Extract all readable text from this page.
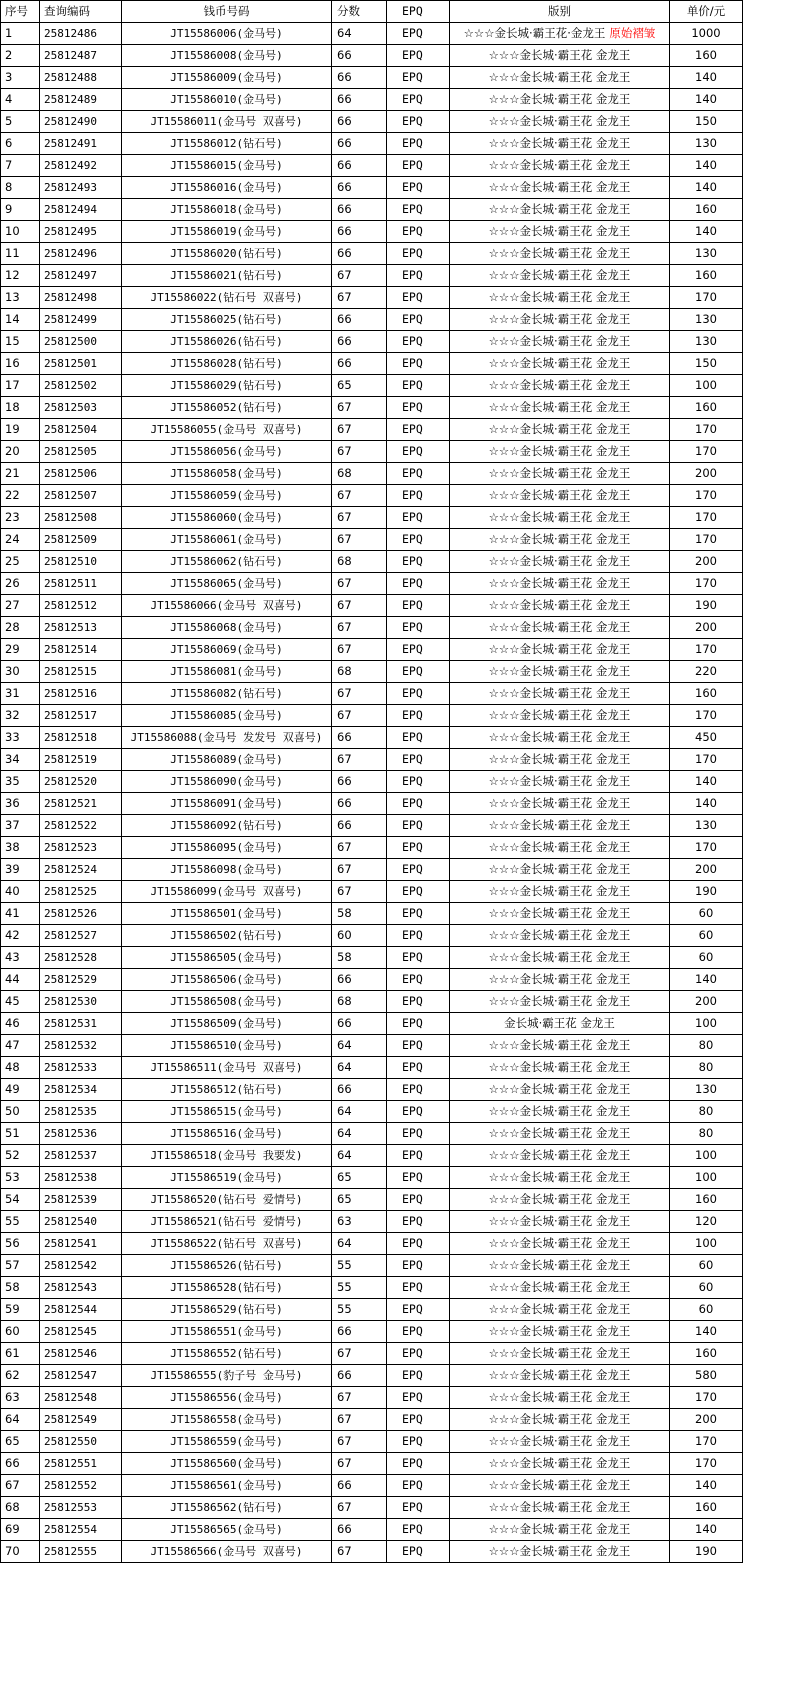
序号	查询编码	钱币号码	分数	EPQ	版别	单价/元
1	25812486	JT15586006(金马号)	64	EPQ	☆☆☆金长城·霸王花·金龙王 原始褶皱	1000
2	25812487	JT15586008(金马号)	66	EPQ	☆☆☆金长城·霸王花 金龙王	160
3	25812488	JT15586009(金马号)	66	EPQ	☆☆☆金长城·霸王花 金龙王	140
4	25812489	JT15586010(金马号)	66	EPQ	☆☆☆金长城·霸王花 金龙王	140
5	25812490	JT15586011(金马号 双喜号)	66	EPQ	☆☆☆金长城·霸王花 金龙王	150
6	25812491	JT15586012(钻石号)	66	EPQ	☆☆☆金长城·霸王花 金龙王	130
7	25812492	JT15586015(金马号)	66	EPQ	☆☆☆金长城·霸王花 金龙王	140
8	25812493	JT15586016(金马号)	66	EPQ	☆☆☆金长城·霸王花 金龙王	140
9	25812494	JT15586018(金马号)	66	EPQ	☆☆☆金长城·霸王花 金龙王	160
10	25812495	JT15586019(金马号)	66	EPQ	☆☆☆金长城·霸王花 金龙王	140
11	25812496	JT15586020(钻石号)	66	EPQ	☆☆☆金长城·霸王花 金龙王	130
12	25812497	JT15586021(钻石号)	67	EPQ	☆☆☆金长城·霸王花 金龙王	160
13	25812498	JT15586022(钻石号 双喜号)	67	EPQ	☆☆☆金长城·霸王花 金龙王	170
14	25812499	JT15586025(钻石号)	66	EPQ	☆☆☆金长城·霸王花 金龙王	130
15	25812500	JT15586026(钻石号)	66	EPQ	☆☆☆金长城·霸王花 金龙王	130
16	25812501	JT15586028(钻石号)	66	EPQ	☆☆☆金长城·霸王花 金龙王	150
17	25812502	JT15586029(钻石号)	65	EPQ	☆☆☆金长城·霸王花 金龙王	100
18	25812503	JT15586052(钻石号)	67	EPQ	☆☆☆金长城·霸王花 金龙王	160
19	25812504	JT15586055(金马号 双喜号)	67	EPQ	☆☆☆金长城·霸王花 金龙王	170
20	25812505	JT15586056(金马号)	67	EPQ	☆☆☆金长城·霸王花 金龙王	170
21	25812506	JT15586058(金马号)	68	EPQ	☆☆☆金长城·霸王花 金龙王	200
22	25812507	JT15586059(金马号)	67	EPQ	☆☆☆金长城·霸王花 金龙王	170
23	25812508	JT15586060(金马号)	67	EPQ	☆☆☆金长城·霸王花 金龙王	170
24	25812509	JT15586061(金马号)	67	EPQ	☆☆☆金长城·霸王花 金龙王	170
25	25812510	JT15586062(钻石号)	68	EPQ	☆☆☆金长城·霸王花 金龙王	200
26	25812511	JT15586065(金马号)	67	EPQ	☆☆☆金长城·霸王花 金龙王	170
27	25812512	JT15586066(金马号 双喜号)	67	EPQ	☆☆☆金长城·霸王花 金龙王	190
28	25812513	JT15586068(金马号)	67	EPQ	☆☆☆金长城·霸王花 金龙王	200
29	25812514	JT15586069(金马号)	67	EPQ	☆☆☆金长城·霸王花 金龙王	170
30	25812515	JT15586081(金马号)	68	EPQ	☆☆☆金长城·霸王花 金龙王	220
31	25812516	JT15586082(钻石号)	67	EPQ	☆☆☆金长城·霸王花 金龙王	160
32	25812517	JT15586085(金马号)	67	EPQ	☆☆☆金长城·霸王花 金龙王	170
33	25812518	JT15586088(金马号 发发号 双喜号)	66	EPQ	☆☆☆金长城·霸王花 金龙王	450
34	25812519	JT15586089(金马号)	67	EPQ	☆☆☆金长城·霸王花 金龙王	170
35	25812520	JT15586090(金马号)	66	EPQ	☆☆☆金长城·霸王花 金龙王	140
36	25812521	JT15586091(金马号)	66	EPQ	☆☆☆金长城·霸王花 金龙王	140
37	25812522	JT15586092(钻石号)	66	EPQ	☆☆☆金长城·霸王花 金龙王	130
38	25812523	JT15586095(金马号)	67	EPQ	☆☆☆金长城·霸王花 金龙王	170
39	25812524	JT15586098(金马号)	67	EPQ	☆☆☆金长城·霸王花 金龙王	200
40	25812525	JT15586099(金马号 双喜号)	67	EPQ	☆☆☆金长城·霸王花 金龙王	190
41	25812526	JT15586501(金马号)	58	EPQ	☆☆☆金长城·霸王花 金龙王	60
42	25812527	JT15586502(钻石号)	60	EPQ	☆☆☆金长城·霸王花 金龙王	60
43	25812528	JT15586505(金马号)	58	EPQ	☆☆☆金长城·霸王花 金龙王	60
44	25812529	JT15586506(金马号)	66	EPQ	☆☆☆金长城·霸王花 金龙王	140
45	25812530	JT15586508(金马号)	68	EPQ	☆☆☆金长城·霸王花 金龙王	200
46	25812531	JT15586509(金马号)	66	EPQ	金长城·霸王花 金龙王	100
47	25812532	JT15586510(金马号)	64	EPQ	☆☆☆金长城·霸王花 金龙王	80
48	25812533	JT15586511(金马号 双喜号)	64	EPQ	☆☆☆金长城·霸王花 金龙王	80
49	25812534	JT15586512(钻石号)	66	EPQ	☆☆☆金长城·霸王花 金龙王	130
50	25812535	JT15586515(金马号)	64	EPQ	☆☆☆金长城·霸王花 金龙王	80
51	25812536	JT15586516(金马号)	64	EPQ	☆☆☆金长城·霸王花 金龙王	80
52	25812537	JT15586518(金马号 我要发)	64	EPQ	☆☆☆金长城·霸王花 金龙王	100
53	25812538	JT15586519(金马号)	65	EPQ	☆☆☆金长城·霸王花 金龙王	100
54	25812539	JT15586520(钻石号 爱情号)	65	EPQ	☆☆☆金长城·霸王花 金龙王	160
55	25812540	JT15586521(钻石号 爱情号)	63	EPQ	☆☆☆金长城·霸王花 金龙王	120
56	25812541	JT15586522(钻石号 双喜号)	64	EPQ	☆☆☆金长城·霸王花 金龙王	100
57	25812542	JT15586526(钻石号)	55	EPQ	☆☆☆金长城·霸王花 金龙王	60
58	25812543	JT15586528(钻石号)	55	EPQ	☆☆☆金长城·霸王花 金龙王	60
59	25812544	JT15586529(钻石号)	55	EPQ	☆☆☆金长城·霸王花 金龙王	60
60	25812545	JT15586551(金马号)	66	EPQ	☆☆☆金长城·霸王花 金龙王	140
61	25812546	JT15586552(钻石号)	67	EPQ	☆☆☆金长城·霸王花 金龙王	160
62	25812547	JT15586555(豹子号 金马号)	66	EPQ	☆☆☆金长城·霸王花 金龙王	580
63	25812548	JT15586556(金马号)	67	EPQ	☆☆☆金长城·霸王花 金龙王	170
64	25812549	JT15586558(金马号)	67	EPQ	☆☆☆金长城·霸王花 金龙王	200
65	25812550	JT15586559(金马号)	67	EPQ	☆☆☆金长城·霸王花 金龙王	170
66	25812551	JT15586560(金马号)	67	EPQ	☆☆☆金长城·霸王花 金龙王	170
67	25812552	JT15586561(金马号)	66	EPQ	☆☆☆金长城·霸王花 金龙王	140
68	25812553	JT15586562(钻石号)	67	EPQ	☆☆☆金长城·霸王花 金龙王	160
69	25812554	JT15586565(金马号)	66	EPQ	☆☆☆金长城·霸王花 金龙王	140
70	25812555	JT15586566(金马号 双喜号)	67	EPQ	☆☆☆金长城·霸王花 金龙王	190
